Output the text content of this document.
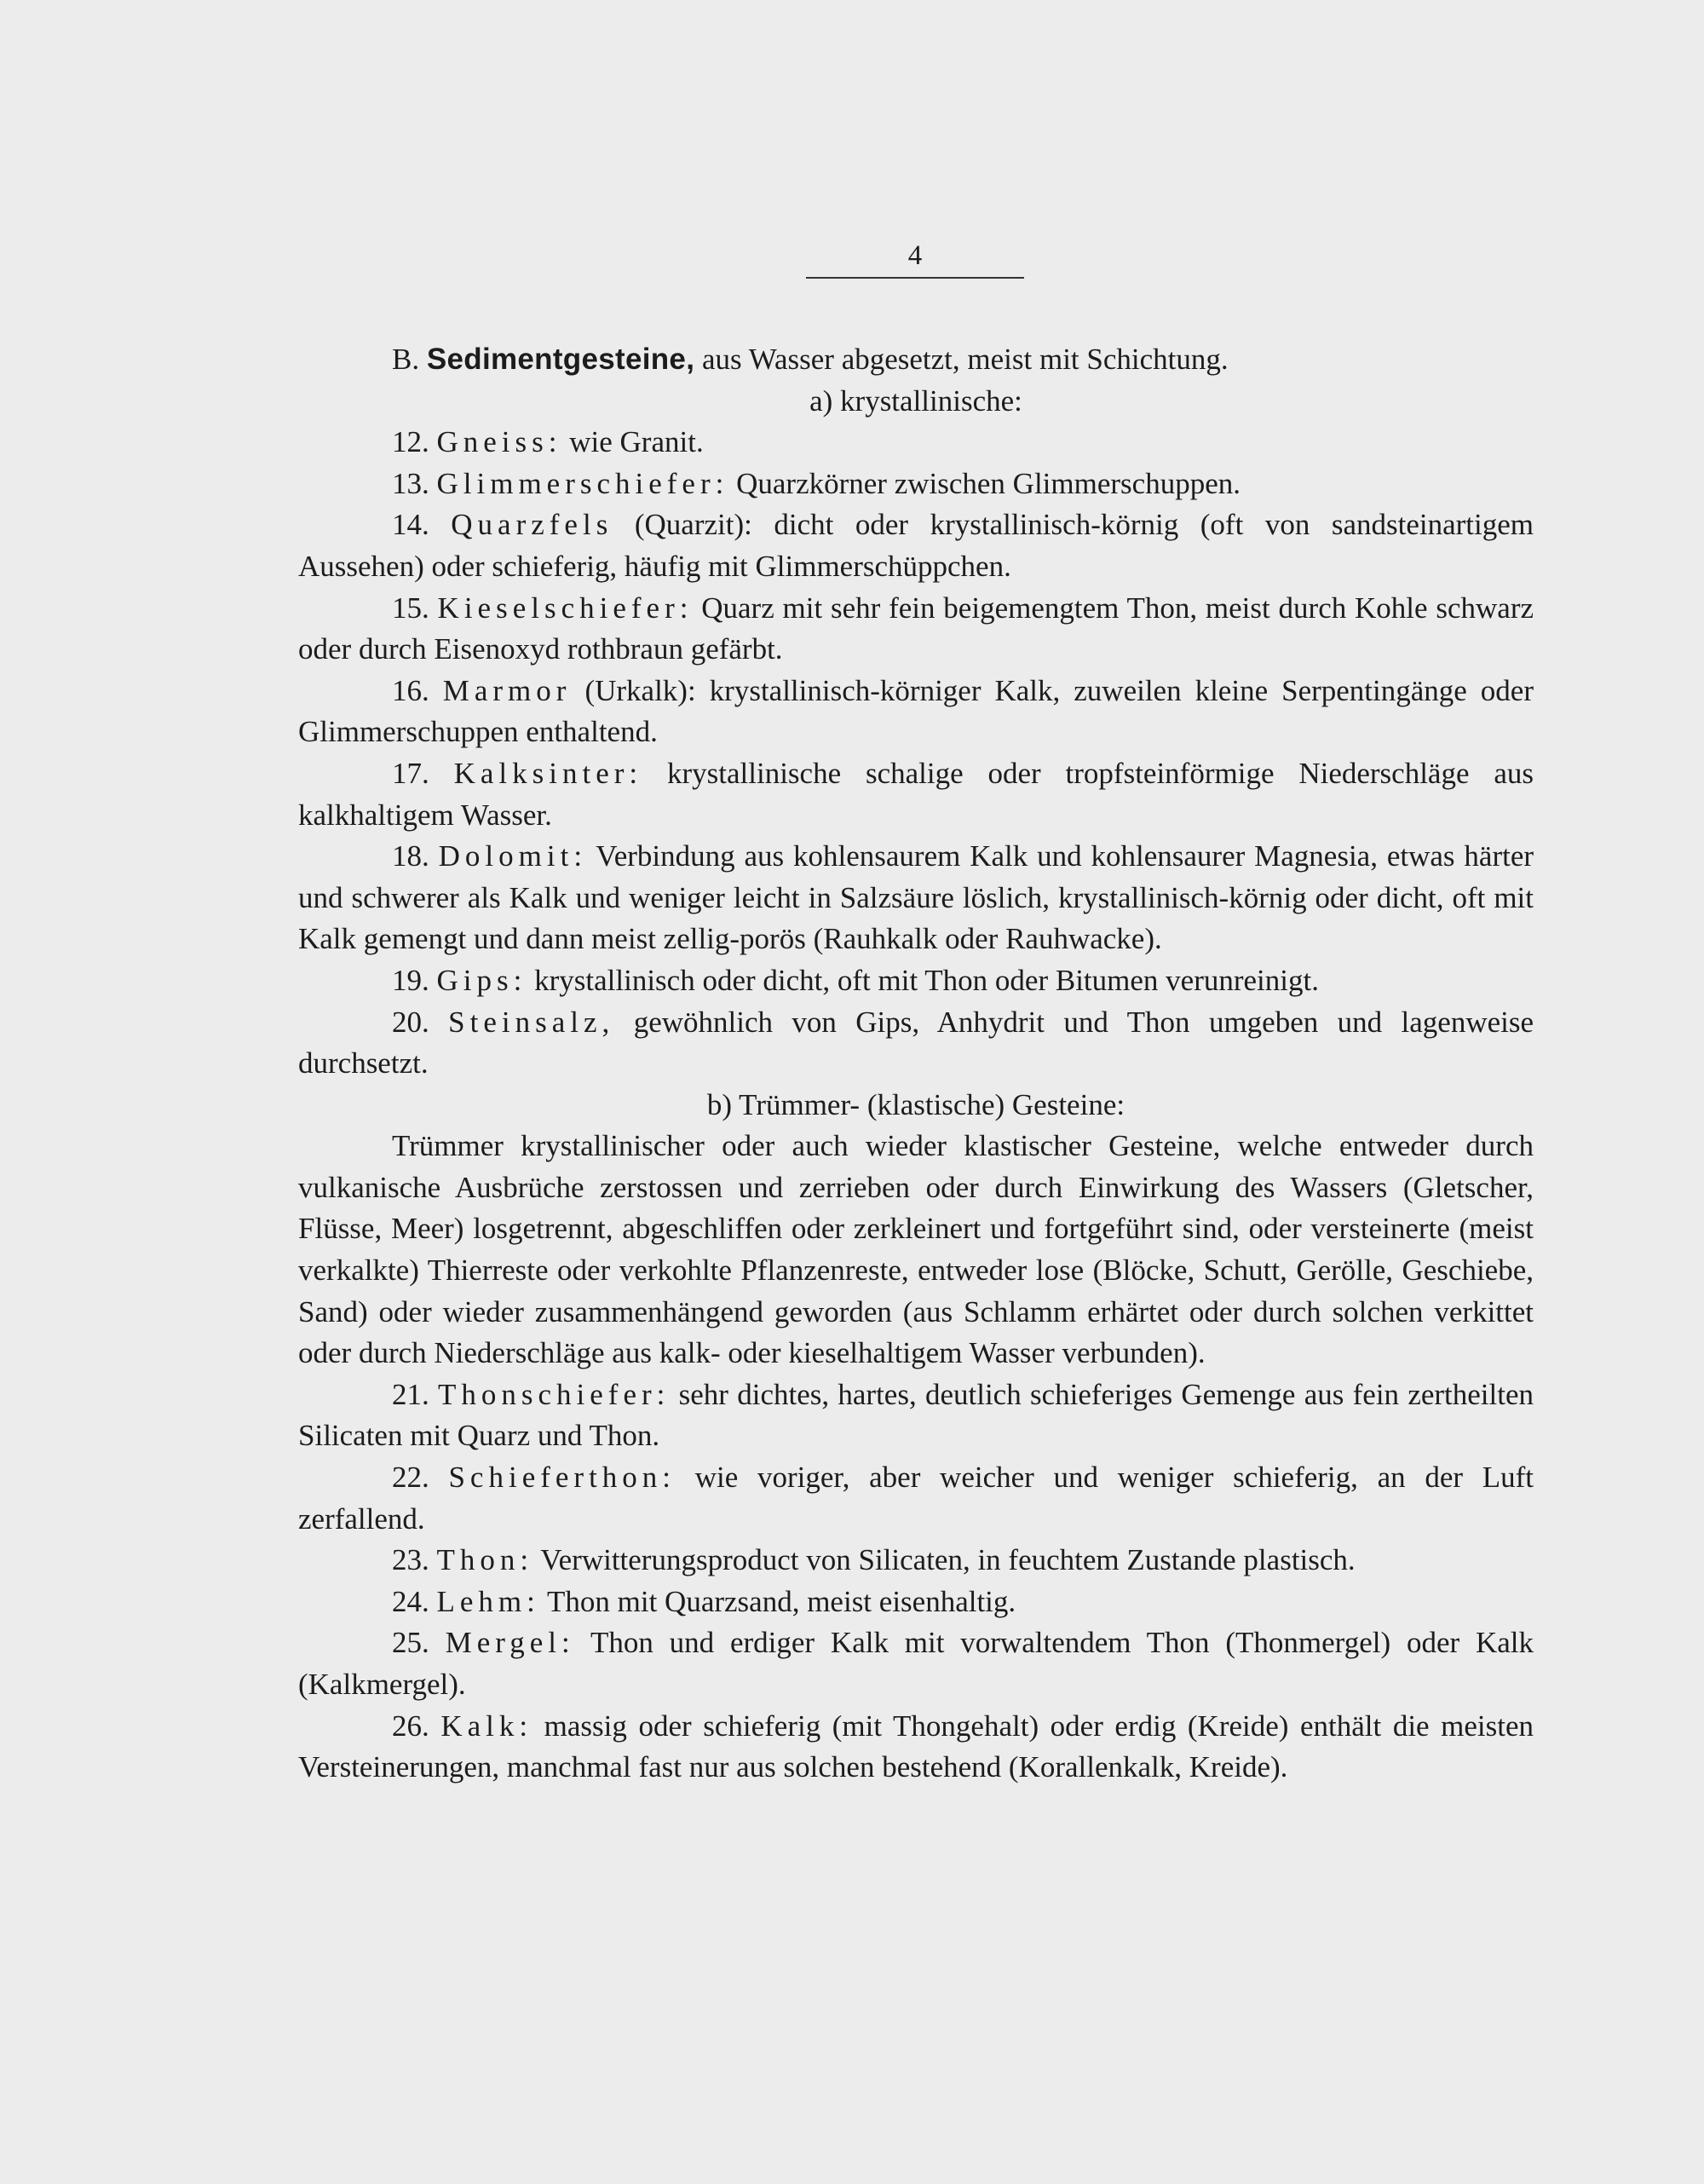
4

B. Sedimentgesteine, aus Wasser abgesetzt, meist mit Schichtung.

a) krystallinische:

12. Gneiss: wie Granit.

13. Glimmerschiefer: Quarzkörner zwischen Glimmerschuppen.

14. Quarzfels (Quarzit): dicht oder krystallinisch-körnig (oft von sandsteinartigem Aussehen) oder schieferig, häufig mit Glimmerschüppchen.

15. Kieselschiefer: Quarz mit sehr fein beigemengtem Thon, meist durch Kohle schwarz oder durch Eisenoxyd rothbraun gefärbt.

16. Marmor (Urkalk): krystallinisch-körniger Kalk, zuweilen kleine Serpentingänge oder Glimmerschuppen enthaltend.

17. Kalksinter: krystallinische schalige oder tropfsteinförmige Niederschläge aus kalkhaltigem Wasser.

18. Dolomit: Verbindung aus kohlensaurem Kalk und kohlensaurer Magnesia, etwas härter und schwerer als Kalk und weniger leicht in Salzsäure löslich, krystallinisch-körnig oder dicht, oft mit Kalk gemengt und dann meist zellig-porös (Rauhkalk oder Rauhwacke).

19. Gips: krystallinisch oder dicht, oft mit Thon oder Bitumen verunreinigt.

20. Steinsalz, gewöhnlich von Gips, Anhydrit und Thon umgeben und lagenweise durchsetzt.

b) Trümmer- (klastische) Gesteine:

Trümmer krystallinischer oder auch wieder klastischer Gesteine, welche entweder durch vulkanische Ausbrüche zerstossen und zerrieben oder durch Einwirkung des Wassers (Gletscher, Flüsse, Meer) losgetrennt, abgeschliffen oder zerkleinert und fortgeführt sind, oder versteinerte (meist verkalkte) Thierreste oder verkohlte Pflanzenreste, entweder lose (Blöcke, Schutt, Gerölle, Geschiebe, Sand) oder wieder zusammenhängend geworden (aus Schlamm erhärtet oder durch solchen verkittet oder durch Niederschläge aus kalk- oder kieselhaltigem Wasser verbunden).

21. Thonschiefer: sehr dichtes, hartes, deutlich schieferiges Gemenge aus fein zertheilten Silicaten mit Quarz und Thon.

22. Schieferthon: wie voriger, aber weicher und weniger schieferig, an der Luft zerfallend.

23. Thon: Verwitterungsproduct von Silicaten, in feuchtem Zustande plastisch.

24. Lehm: Thon mit Quarzsand, meist eisenhaltig.

25. Mergel: Thon und erdiger Kalk mit vorwaltendem Thon (Thonmergel) oder Kalk (Kalkmergel).

26. Kalk: massig oder schieferig (mit Thongehalt) oder erdig (Kreide) enthält die meisten Versteinerungen, manchmal fast nur aus solchen bestehend (Korallenkalk, Kreide).
